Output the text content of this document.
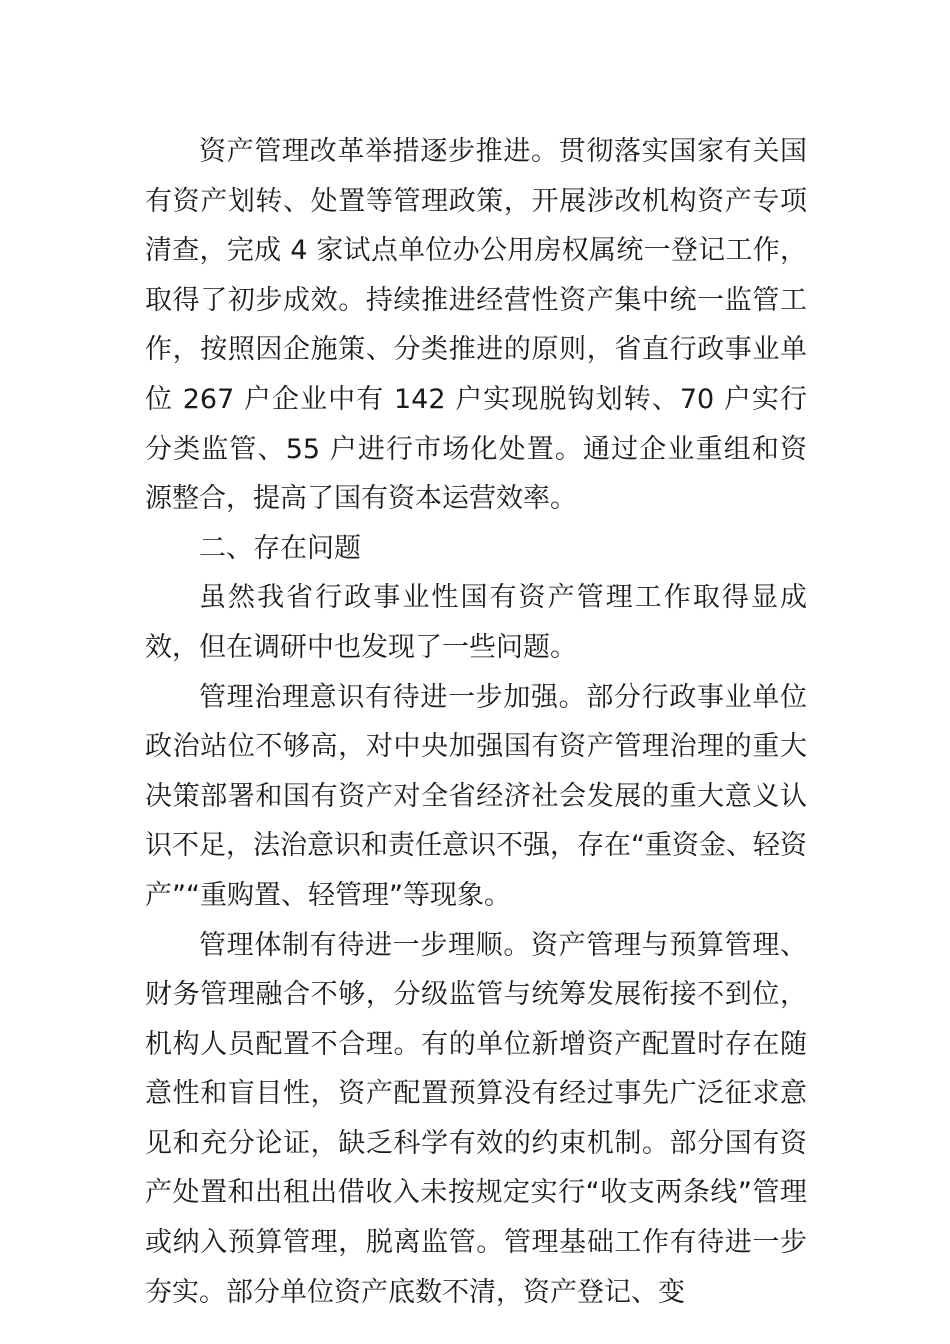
资产管理改革举措逐步推进。贯彻落实国家有关国有资产划转、处置等管理政策，开展涉改机构资产专项清查，完成 4 家试点单位办公用房权属统一登记工作，取得了初步成效。持续推进经营性资产集中统一监管工作，按照因企施策、分类推进的原则，省直行政事业单位 267 户企业中有 142 户实现脱钩划转、70 户实行分类监管、55 户进行市场化处置。通过企业重组和资源整合，提高了国有资本运营效率。

二、存在问题

虽然我省行政事业性国有资产管理工作取得显成效，但在调研中也发现了一些问题。

管理治理意识有待进一步加强。部分行政事业单位政治站位不够高，对中央加强国有资产管理治理的重大决策部署和国有资产对全省经济社会发展的重大意义认识不足，法治意识和责任意识不强，存在“重资金、轻资产”“重购置、轻管理”等现象。

管理体制有待进一步理顺。资产管理与预算管理、财务管理融合不够，分级监管与统筹发展衔接不到位，机构人员配置不合理。有的单位新增资产配置时存在随意性和盲目性，资产配置预算没有经过事先广泛征求意见和充分论证，缺乏科学有效的约束机制。部分国有资产处置和出租出借收入未按规定实行“收支两条线”管理或纳入预算管理，脱离监管。管理基础工作有待进一步夯实。部分单位资产底数不清，资产登记、变
